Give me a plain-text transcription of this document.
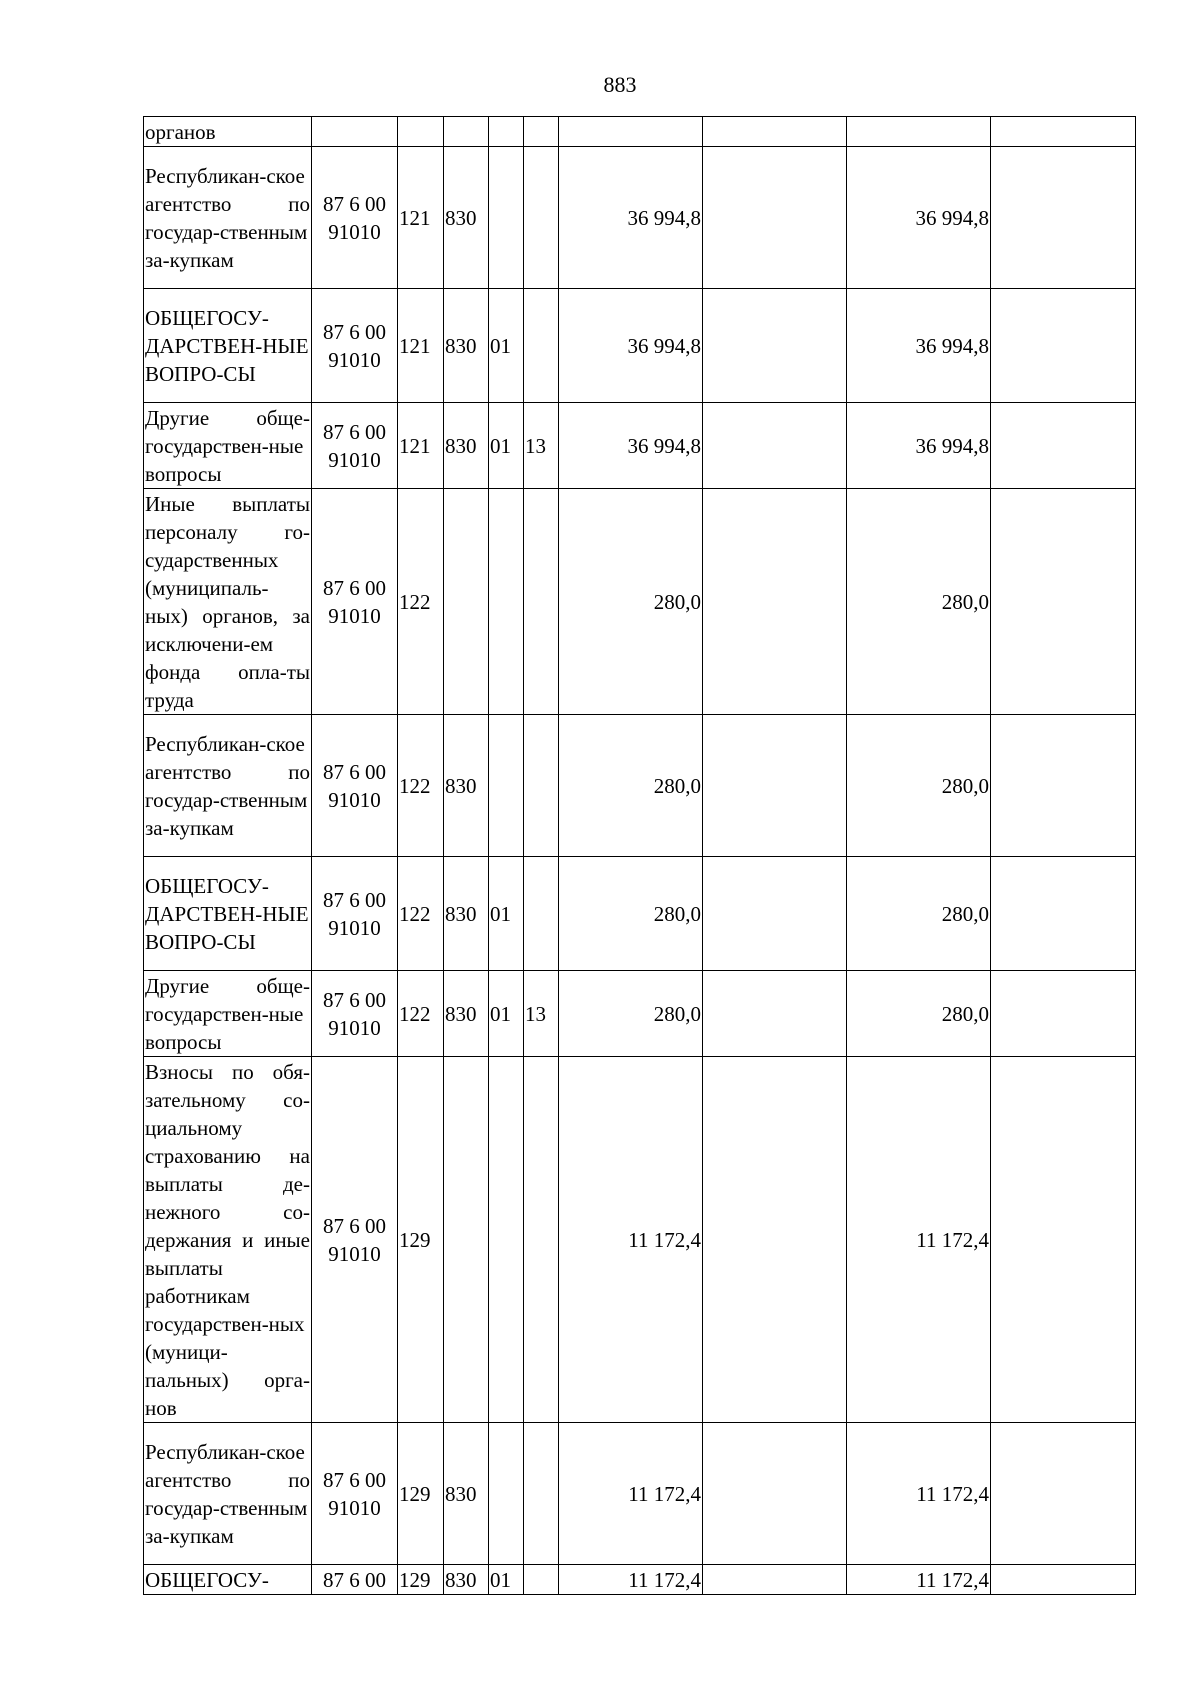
883
органов									
Республикан-ское агентство по государ-ственным за-купкам	87 6 00 91010	121	830			36 994,8		36 994,8	
ОБЩЕГОСУ-ДАРСТВЕН-НЫЕ ВОПРО-СЫ	87 6 00 91010	121	830	01		36 994,8		36 994,8	
Другие обще-государствен-ные вопросы	87 6 00 91010	121	830	01	13	36 994,8		36 994,8	
Иные выплаты персоналу го-сударственных (муниципаль-ных) органов, за исключени-ем фонда опла-ты труда	87 6 00 91010	122				280,0		280,0	
Республикан-ское агентство по государ-ственным за-купкам	87 6 00 91010	122	830			280,0		280,0	
ОБЩЕГОСУ-ДАРСТВЕН-НЫЕ ВОПРО-СЫ	87 6 00 91010	122	830	01		280,0		280,0	
Другие обще-государствен-ные вопросы	87 6 00 91010	122	830	01	13	280,0		280,0	
Взносы по обя-зательному со-циальному страхованию на выплаты де-нежного со-держания и иные выплаты работникам государствен-ных (муници-пальных) орга-нов	87 6 00 91010	129				11 172,4		11 172,4	
Республикан-ское агентство по государ-ственным за-купкам	87 6 00 91010	129	830			11 172,4		11 172,4	
ОБЩЕГОСУ-	87 6 00	129	830	01		11 172,4		11 172,4	
